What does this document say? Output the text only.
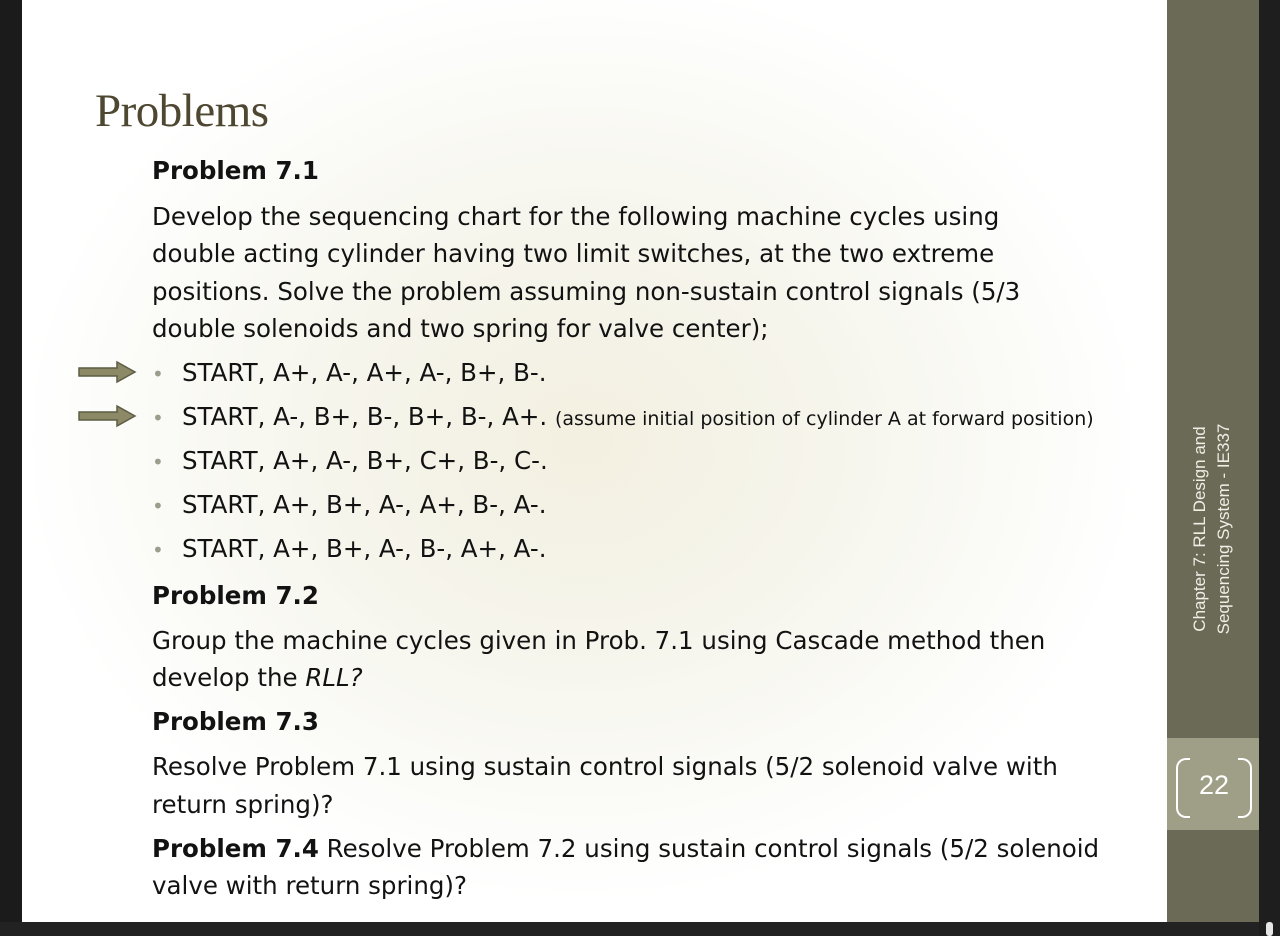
Chapter 7: RLL Design and Sequencing System - IE337
22
Problems

Problem 7.1

Develop the sequencing chart for the following machine cycles using

double acting cylinder having two limit switches, at the two extreme

positions. Solve the problem assuming non-sustain control signals (5/3

double solenoids and two spring for valve center);

• START, A+, A-, A+, A-, B+, B-.
• START, A-, B+, B-, B+, B-, A+. (assume initial position of cylinder A at forward position)
• START, A+, A-, B+, C+, B-, C-.
• START, A+, B+, A-, A+, B-, A-.
• START, A+, B+, A-, B-, A+, A-.

Problem 7.2

Group the machine cycles given in Prob. 7.1 using Cascade method then

develop the RLL?

Problem 7.3

Resolve Problem 7.1 using sustain control signals (5/2 solenoid valve with

return spring)?

Problem 7.4 Resolve Problem 7.2 using sustain control signals (5/2 solenoid

valve with return spring)?
